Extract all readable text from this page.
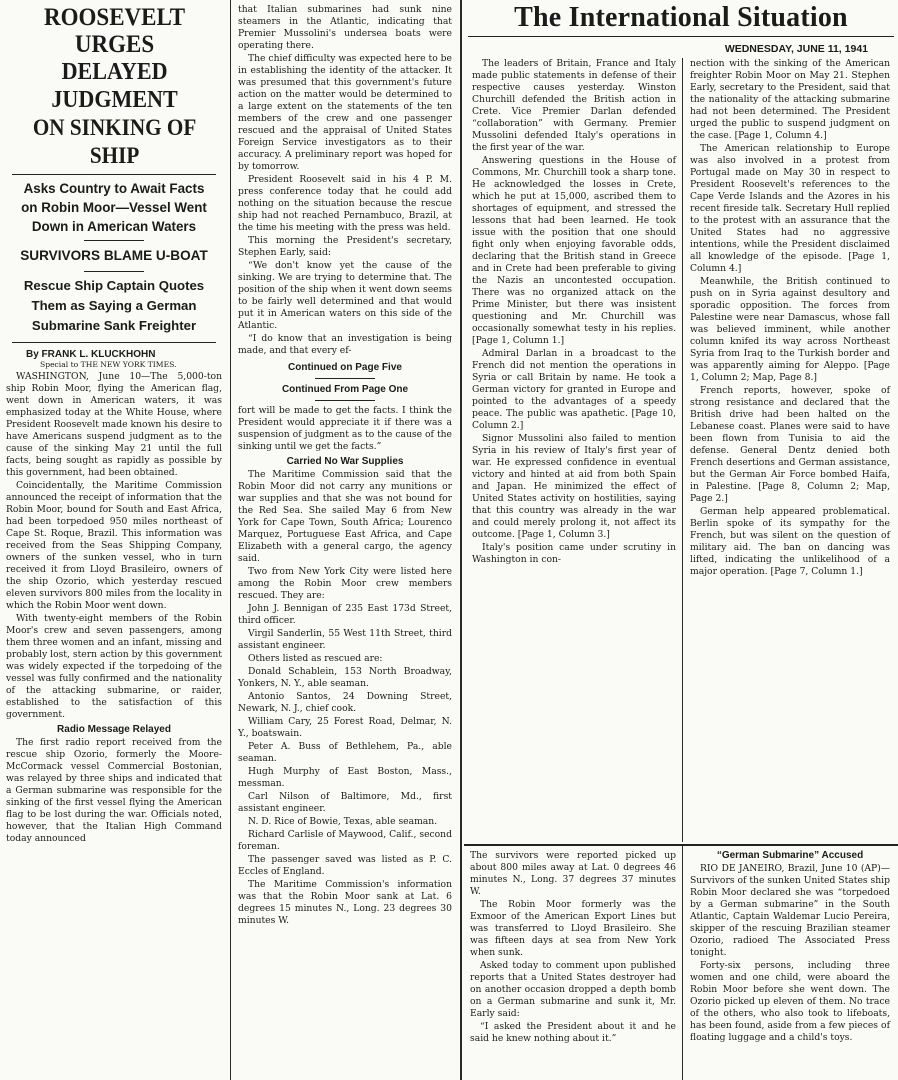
ROOSEVELT URGES
DELAYED JUDGMENT
ON SINKING OF SHIP
Asks Country to Await Facts
on Robin Moor—Vessel Went
Down in American Waters
SURVIVORS BLAME U-BOAT
Rescue Ship Captain Quotes
Them as Saying a German
Submarine Sank Freighter
By FRANK L. KLUCKHOHN
Special to THE NEW YORK TIMES.

WASHINGTON, June 10—The 5,000-ton ship Robin Moor, flying the American flag, went down in American waters, it was emphasized today at the White House, where President Roosevelt made known his desire to have Americans suspend judgment as to the cause of the sinking May 21 until the full facts, being sought as rapidly as possible by this government, had been obtained.

Coincidentally, the Maritime Commission announced the receipt of information that the Robin Moor, bound for South and East Africa, had been torpedoed 950 miles northeast of Cape St. Roque, Brazil. This information was received from the Seas Shipping Company, owners of the sunken vessel, who in turn received it from Lloyd Brasileiro, owners of the ship Ozorio, which yesterday rescued eleven survivors 800 miles from the locality in which the Robin Moor went down.

With twenty-eight members of the Robin Moor's crew and seven passengers, among them three women and an infant, missing and probably lost, stern action by this government was widely expected if the torpedoing of the vessel was fully confirmed and the nationality of the attacking submarine, or raider, established to the satisfaction of this government.

Radio Message Relayed

The first radio report received from the rescue ship Ozorio, formerly the Moore-McCormack vessel Commercial Bostonian, was relayed by three ships and indicated that a German submarine was responsible for the sinking of the first vessel flying the American flag to be lost during the war. Officials noted, however, that the Italian High Command today announced

that Italian submarines had sunk nine steamers in the Atlantic, indicating that Premier Mussolini's undersea boats were operating there.

The chief difficulty was expected here to be in establishing the identity of the attacker. It was presumed that this government's future action on the matter would be determined to a large extent on the statements of the ten members of the crew and one passenger rescued and the appraisal of United States Foreign Service investigators as to their accuracy. A preliminary report was hoped for by tomorrow.

President Roosevelt said in his 4 P. M. press conference today that he could add nothing on the situation because the rescue ship had not reached Pernambuco, Brazil, at the time his meeting with the press was held.

This morning the President's secretary, Stephen Early, said:

“We don't know yet the cause of the sinking. We are trying to determine that. The position of the ship when it went down seems to be fairly well determined and that would put it in American waters on this side of the Atlantic.

“I do know that an investigation is being made, and that every ef-

Continued on Page Five
Continued From Page One

fort will be made to get the facts. I think the President would appreciate it if there was a suspension of judgment as to the cause of the sinking until we get the facts.”

Carried No War Supplies

The Maritime Commission said that the Robin Moor did not carry any munitions or war supplies and that she was not bound for the Red Sea. She sailed May 6 from New York for Cape Town, South Africa; Lourenco Marquez, Portuguese East Africa, and Cape Elizabeth with a general cargo, the agency said.

Two from New York City were listed here among the Robin Moor crew members rescued. They are:

John J. Bennigan of 235 East 173d Street, third officer.

Virgil Sanderlin, 55 West 11th Street, third assistant engineer.

Others listed as rescued are:

Donald Schablein, 153 North Broadway, Yonkers, N. Y., able seaman.

Antonio Santos, 24 Downing Street, Newark, N. J., chief cook.

William Cary, 25 Forest Road, Delmar, N. Y., boatswain.

Peter A. Buss of Bethlehem, Pa., able seaman.

Hugh Murphy of East Boston, Mass., messman.

Carl Nilson of Baltimore, Md., first assistant engineer.

N. D. Rice of Bowie, Texas, able seaman.

Richard Carlisle of Maywood, Calif., second foreman.

The passenger saved was listed as P. C. Eccles of England.

The Maritime Commission's information was that the Robin Moor sank at Lat. 6 degrees 15 minutes N., Long. 23 degrees 30 minutes W.

The International Situation
WEDNESDAY, JUNE 11, 1941

The leaders of Britain, France and Italy made public statements in defense of their respective causes yesterday. Winston Churchill defended the British action in Crete. Vice Premier Darlan defended “collaboration” with Germany. Premier Mussolini defended Italy's operations in the first year of the war.

Answering questions in the House of Commons, Mr. Churchill took a sharp tone. He acknowledged the losses in Crete, which he put at 15,000, ascribed them to shortages of equipment, and stressed the lessons that had been learned. He took issue with the position that one should fight only when enjoying favorable odds, declaring that the British stand in Greece and in Crete had been preferable to giving the Nazis an uncontested occupation. There was no organized attack on the Prime Minister, but there was insistent questioning and Mr. Churchill was occasionally somewhat testy in his replies. [Page 1, Column 1.]

Admiral Darlan in a broadcast to the French did not mention the operations in Syria or call Britain by name. He took a German victory for granted in Europe and pointed to the advantages of a speedy peace. The public was apathetic. [Page 10, Column 2.]

Signor Mussolini also failed to mention Syria in his review of Italy's first year of war. He expressed confidence in eventual victory and hinted at aid from both Spain and Japan. He minimized the effect of United States activity on hostilities, saying that this country was already in the war and could merely prolong it, not affect its outcome. [Page 1, Column 3.]

Italy's position came under scrutiny in Washington in con-

nection with the sinking of the American freighter Robin Moor on May 21. Stephen Early, secretary to the President, said that the nationality of the attacking submarine had not been determined. The President urged the public to suspend judgment on the case. [Page 1, Column 4.]

The American relationship to Europe was also involved in a protest from Portugal made on May 30 in respect to President Roosevelt's references to the Cape Verde Islands and the Azores in his recent fireside talk. Secretary Hull replied to the protest with an assurance that the United States had no aggressive intentions, while the President disclaimed all knowledge of the episode. [Page 1, Column 4.]

Meanwhile, the British continued to push on in Syria against desultory and sporadic opposition. The forces from Palestine were near Damascus, whose fall was believed imminent, while another column knifed its way across Northeast Syria from Iraq to the Turkish border and was apparently aiming for Aleppo. [Page 1, Column 2; Map, Page 8.]

French reports, however, spoke of strong resistance and declared that the British drive had been halted on the Lebanese coast. Planes were said to have been flown from Tunisia to aid the defense. General Dentz denied both French desertions and German assistance, but the German Air Force bombed Haifa, in Palestine. [Page 8, Column 2; Map, Page 2.]

German help appeared problematical. Berlin spoke of its sympathy for the French, but was silent on the question of military aid. The ban on dancing was lifted, indicating the unlikelihood of a major operation. [Page 7, Column 1.]

The survivors were reported picked up about 800 miles away at Lat. 0 degrees 46 minutes N., Long. 37 degrees 37 minutes W.

The Robin Moor formerly was the Exmoor of the American Export Lines but was transferred to Lloyd Brasileiro. She was fifteen days at sea from New York when sunk.

Asked today to comment upon published reports that a United States destroyer had on another occasion dropped a depth bomb on a German submarine and sunk it, Mr. Early said:

“I asked the President about it and he said he knew nothing about it.”

“German Submarine” Accused

RIO DE JANEIRO, Brazil, June 10 (AP)—Survivors of the sunken United States ship Robin Moor declared she was “torpedoed by a German submarine” in the South Atlantic, Captain Waldemar Lucio Pereira, skipper of the rescuing Brazilian steamer Ozorio, radioed The Associated Press tonight.

Forty-six persons, including three women and one child, were aboard the Robin Moor before she went down. The Ozorio picked up eleven of them. No trace of the others, who also took to lifeboats, has been found, aside from a few pieces of floating luggage and a child's toys.
